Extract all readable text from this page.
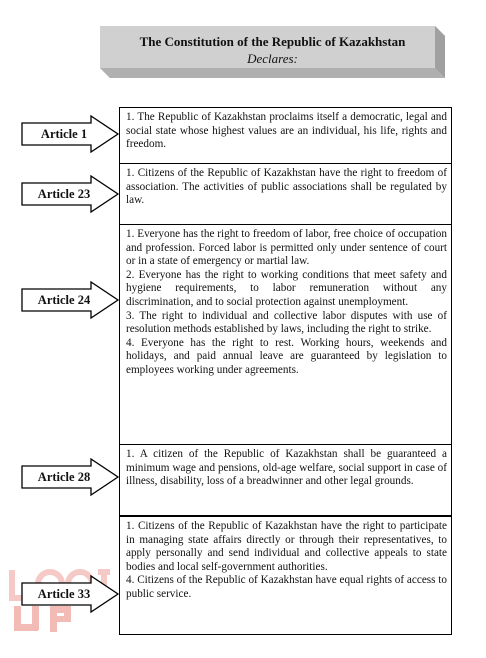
The Constitution of the Republic of Kazakhstan
Declares:
Article 1

1. The Republic of Kazakhstan proclaims itself a democratic, legal and social state whose highest values are an individual, his life, rights and freedom.

Article 23

1. Citizens of the Republic of Kazakhstan have the right to freedom of association. The activities of public associations shall be regulated by law.

Article 24

1. Everyone has the right to freedom of labor, free choice of occupation and profession. Forced labor is permitted only under sentence of court or in a state of emergency or martial law.

2. Everyone has the right to working conditions that meet safety and hygiene requirements, to labor remuneration without any discrimination, and to social protection against unemployment.

3. The right to individual and collective labor disputes with use of resolution methods established by laws, including the right to strike.

4. Everyone has the right to rest. Working hours, weekends and holidays, and paid annual leave are guaranteed by legislation to employees working under agreements.

Article 28

1. A citizen of the Republic of Kazakhstan shall be guaranteed a minimum wage and pensions, old-age welfare, social support in case of illness, disability, loss of a breadwinner and other legal grounds.

Article 33

1. Citizens of the Republic of Kazakhstan have the right to participate in managing state affairs directly or through their representatives, to apply personally and send individual and collective appeals to state bodies and local self-government authorities.

4. Citizens of the Republic of Kazakhstan have equal rights of access to public service.
